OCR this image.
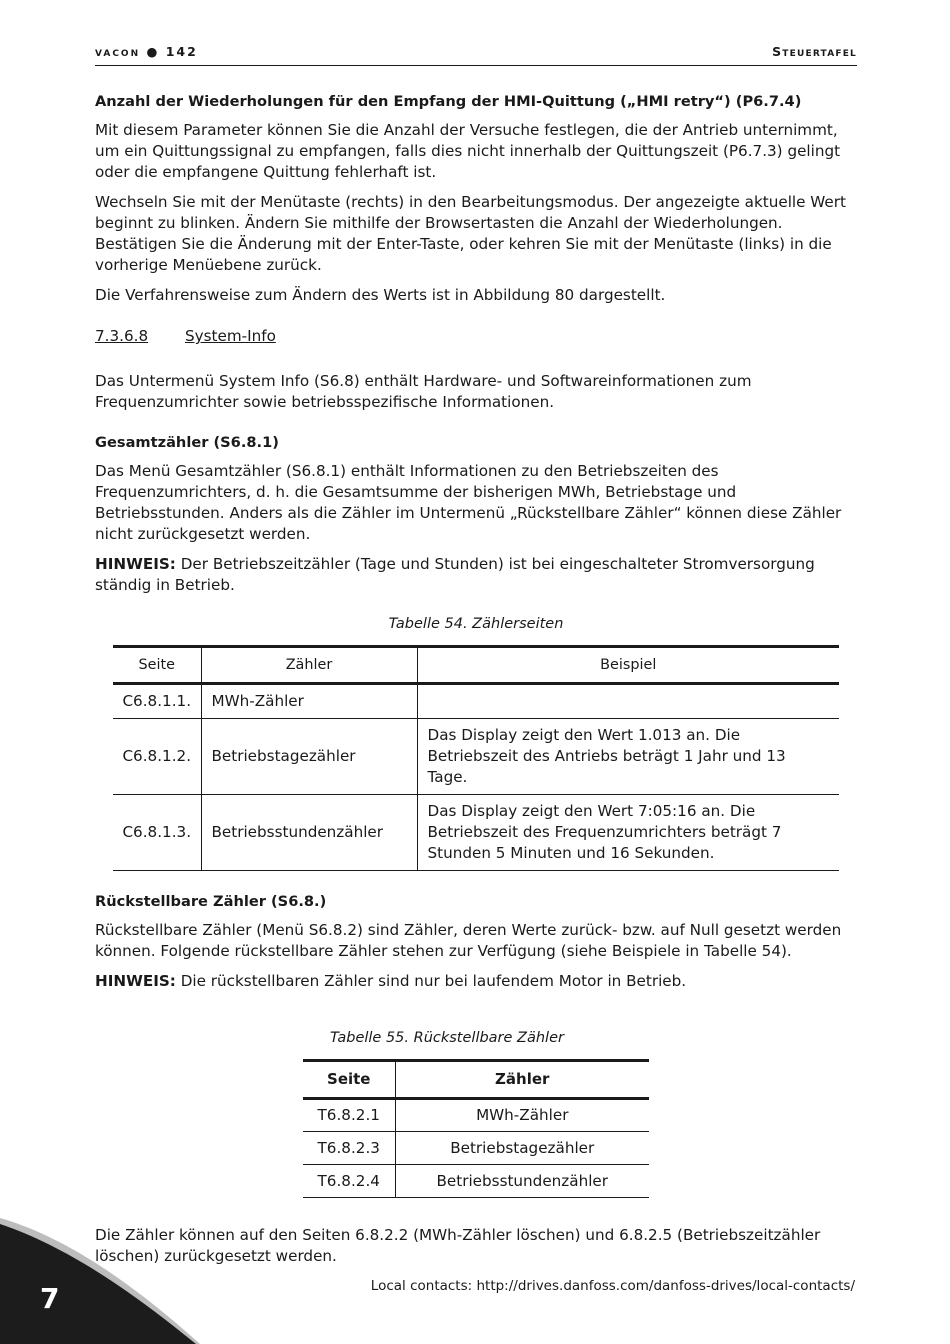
vacon ● 142	Steuertafel
Anzahl der Wiederholungen für den Empfang der HMI-Quittung („HMI retry“) (P6.7.4)

Mit diesem Parameter können Sie die Anzahl der Versuche festlegen, die der Antrieb unternimmt, um ein Quittungssignal zu empfangen, falls dies nicht innerhalb der Quittungszeit (P6.7.3) gelingt oder die empfangene Quittung fehlerhaft ist.

Wechseln Sie mit der Menütaste (rechts) in den Bearbeitungsmodus. Der angezeigte aktuelle Wert beginnt zu blinken. Ändern Sie mithilfe der Browsertasten die Anzahl der Wiederholungen. Bestätigen Sie die Änderung mit der Enter-Taste, oder kehren Sie mit der Menütaste (links) in die vorherige Menüebene zurück.

Die Verfahrensweise zum Ändern des Werts ist in Abbildung 80 dargestellt.

7.3.6.8 System-Info

Das Untermenü System Info (S6.8) enthält Hardware- und Softwareinformationen zum Frequenzumrichter sowie betriebsspezifische Informationen.

Gesamtzähler (S6.8.1)

Das Menü Gesamtzähler (S6.8.1) enthält Informationen zu den Betriebszeiten des Frequenzumrichters, d. h. die Gesamtsumme der bisherigen MWh, Betriebstage und Betriebsstunden. Anders als die Zähler im Untermenü „Rückstellbare Zähler“ können diese Zähler nicht zurückgesetzt werden.

HINWEIS: Der Betriebszeitzähler (Tage und Stunden) ist bei eingeschalteter Stromversorgung ständig in Betrieb.

Tabelle 54. Zählerseiten
Seite	Zähler	Beispiel
C6.8.1.1.	MWh-Zähler	
C6.8.1.2.	Betriebstagezähler	Das Display zeigt den Wert 1.013 an. Die Betriebszeit des Antriebs beträgt 1 Jahr und 13 Tage.
C6.8.1.3.	Betriebsstundenzähler	Das Display zeigt den Wert 7:05:16 an. Die Betriebszeit des Frequenzumrichters beträgt 7 Stunden 5 Minuten und 16 Sekunden.
Rückstellbare Zähler (S6.8.)

Rückstellbare Zähler (Menü S6.8.2) sind Zähler, deren Werte zurück- bzw. auf Null gesetzt werden können. Folgende rückstellbare Zähler stehen zur Verfügung (siehe Beispiele in Tabelle 54).

HINWEIS: Die rückstellbaren Zähler sind nur bei laufendem Motor in Betrieb.

Tabelle 55. Rückstellbare Zähler
Seite	Zähler
T6.8.2.1	MWh-Zähler
T6.8.2.3	Betriebstagezähler
T6.8.2.4	Betriebsstundenzähler

Die Zähler können auf den Seiten 6.8.2.2 (MWh-Zähler löschen) und 6.8.2.5 (Betriebszeitzähler löschen) zurückgesetzt werden.

7	Local contacts: http://drives.danfoss.com/danfoss-drives/local-contacts/
